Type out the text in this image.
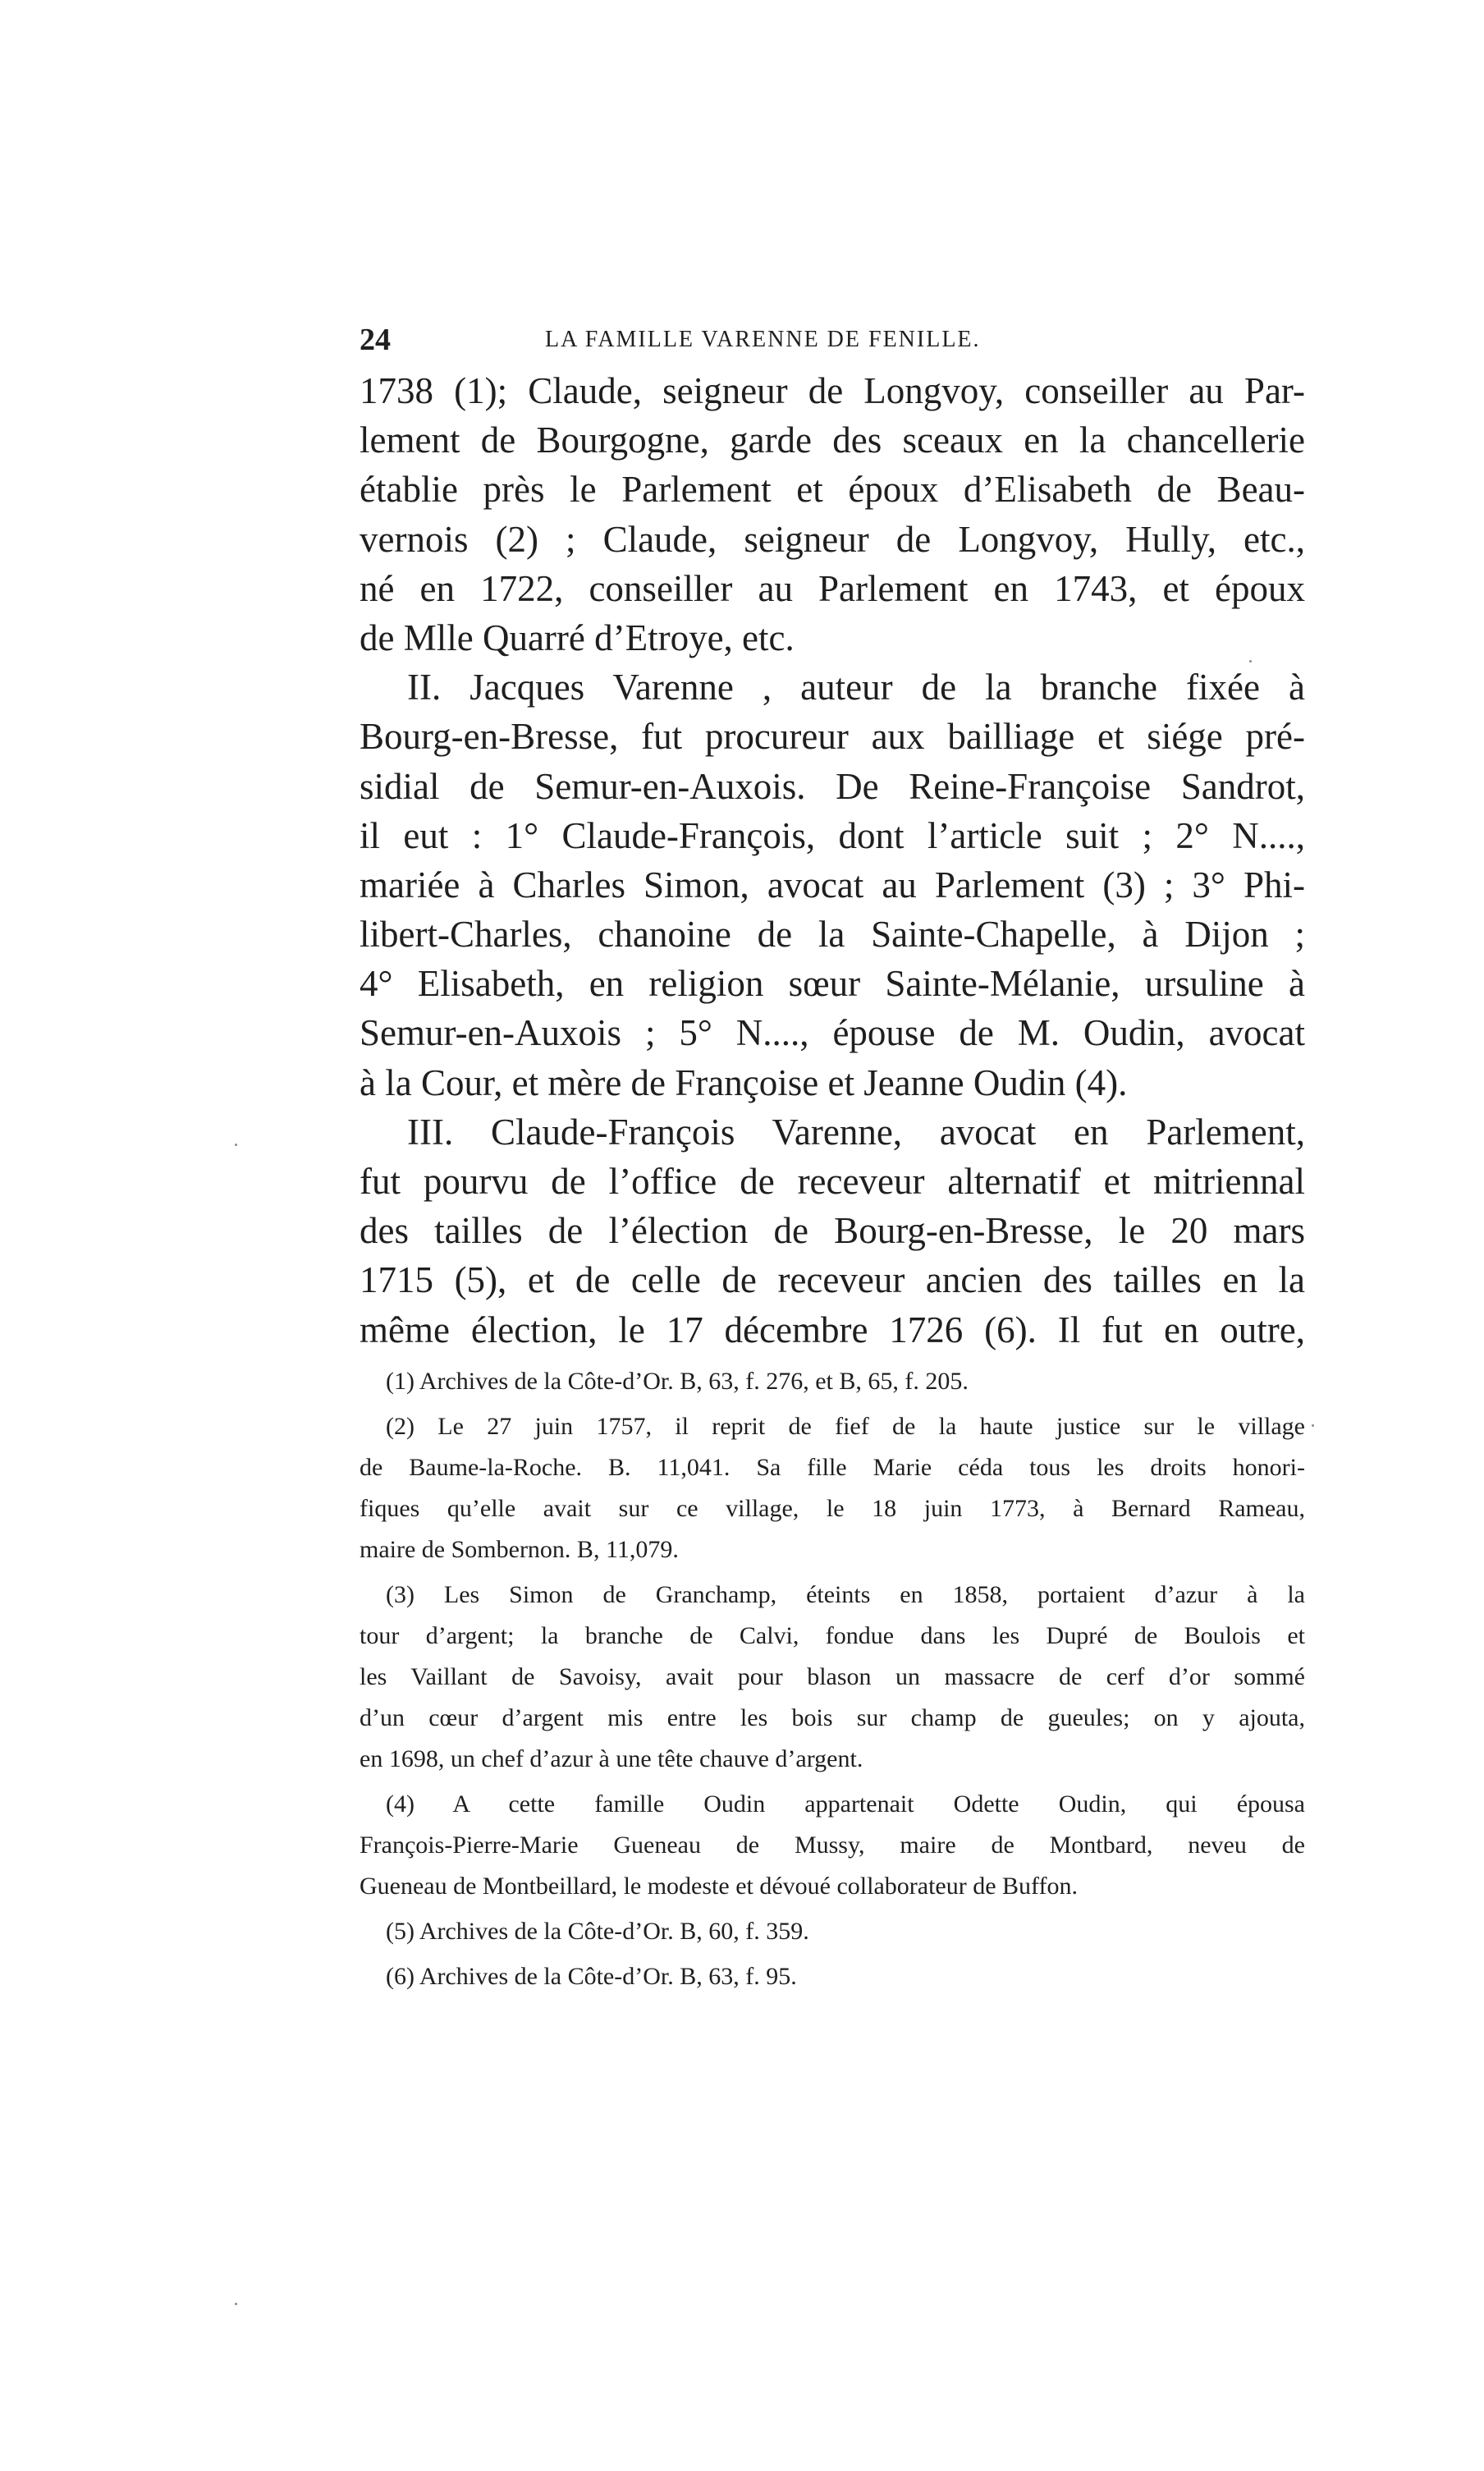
24	LA FAMILLE VARENNE DE FENILLE.
1738 (1); Claude, seigneur de Longvoy, conseiller au Par-
lement de Bourgogne, garde des sceaux en la chancellerie
établie près le Parlement et époux d’Elisabeth de Beau-
vernois (2) ; Claude, seigneur de Longvoy, Hully, etc.,
né en 1722, conseiller au Parlement en 1743, et époux
de Mlle Quarré d’Etroye, etc.
II. Jacques Varenne , auteur de la branche fixée à
Bourg-en-Bresse, fut procureur aux bailliage et siége pré-
sidial de Semur-en-Auxois. De Reine-Françoise Sandrot,
il eut : 1° Claude-François, dont l’article suit ; 2° N....,
mariée à Charles Simon, avocat au Parlement (3) ; 3° Phi-
libert-Charles, chanoine de la Sainte-Chapelle, à Dijon ;
4° Elisabeth, en religion sœur Sainte-Mélanie, ursuline à
Semur-en-Auxois ; 5° N...., épouse de M. Oudin, avocat
à la Cour, et mère de Françoise et Jeanne Oudin (4).
III. Claude-François Varenne, avocat en Parlement,
fut pourvu de l’office de receveur alternatif et mitriennal
des tailles de l’élection de Bourg-en-Bresse, le 20 mars
1715 (5), et de celle de receveur ancien des tailles en la
même élection, le 17 décembre 1726 (6). Il fut en outre,
(1) Archives de la Côte-d’Or. B, 63, f. 276, et B, 65, f. 205.
(2) Le 27 juin 1757, il reprit de fief de la haute justice sur le village
de Baume-la-Roche. B. 11,041. Sa fille Marie céda tous les droits honori-
fiques qu’elle avait sur ce village, le 18 juin 1773, à Bernard Rameau,
maire de Sombernon. B, 11,079.
(3) Les Simon de Granchamp, éteints en 1858, portaient d’azur à la
tour d’argent; la branche de Calvi, fondue dans les Dupré de Boulois et
les Vaillant de Savoisy, avait pour blason un massacre de cerf d’or sommé
d’un cœur d’argent mis entre les bois sur champ de gueules; on y ajouta,
en 1698, un chef d’azur à une tête chauve d’argent.
(4) A cette famille Oudin appartenait Odette Oudin, qui épousa
François-Pierre-Marie Gueneau de Mussy, maire de Montbard, neveu de
Gueneau de Montbeillard, le modeste et dévoué collaborateur de Buffon.
(5) Archives de la Côte-d’Or. B, 60, f. 359.
(6) Archives de la Côte-d’Or. B, 63, f. 95.
